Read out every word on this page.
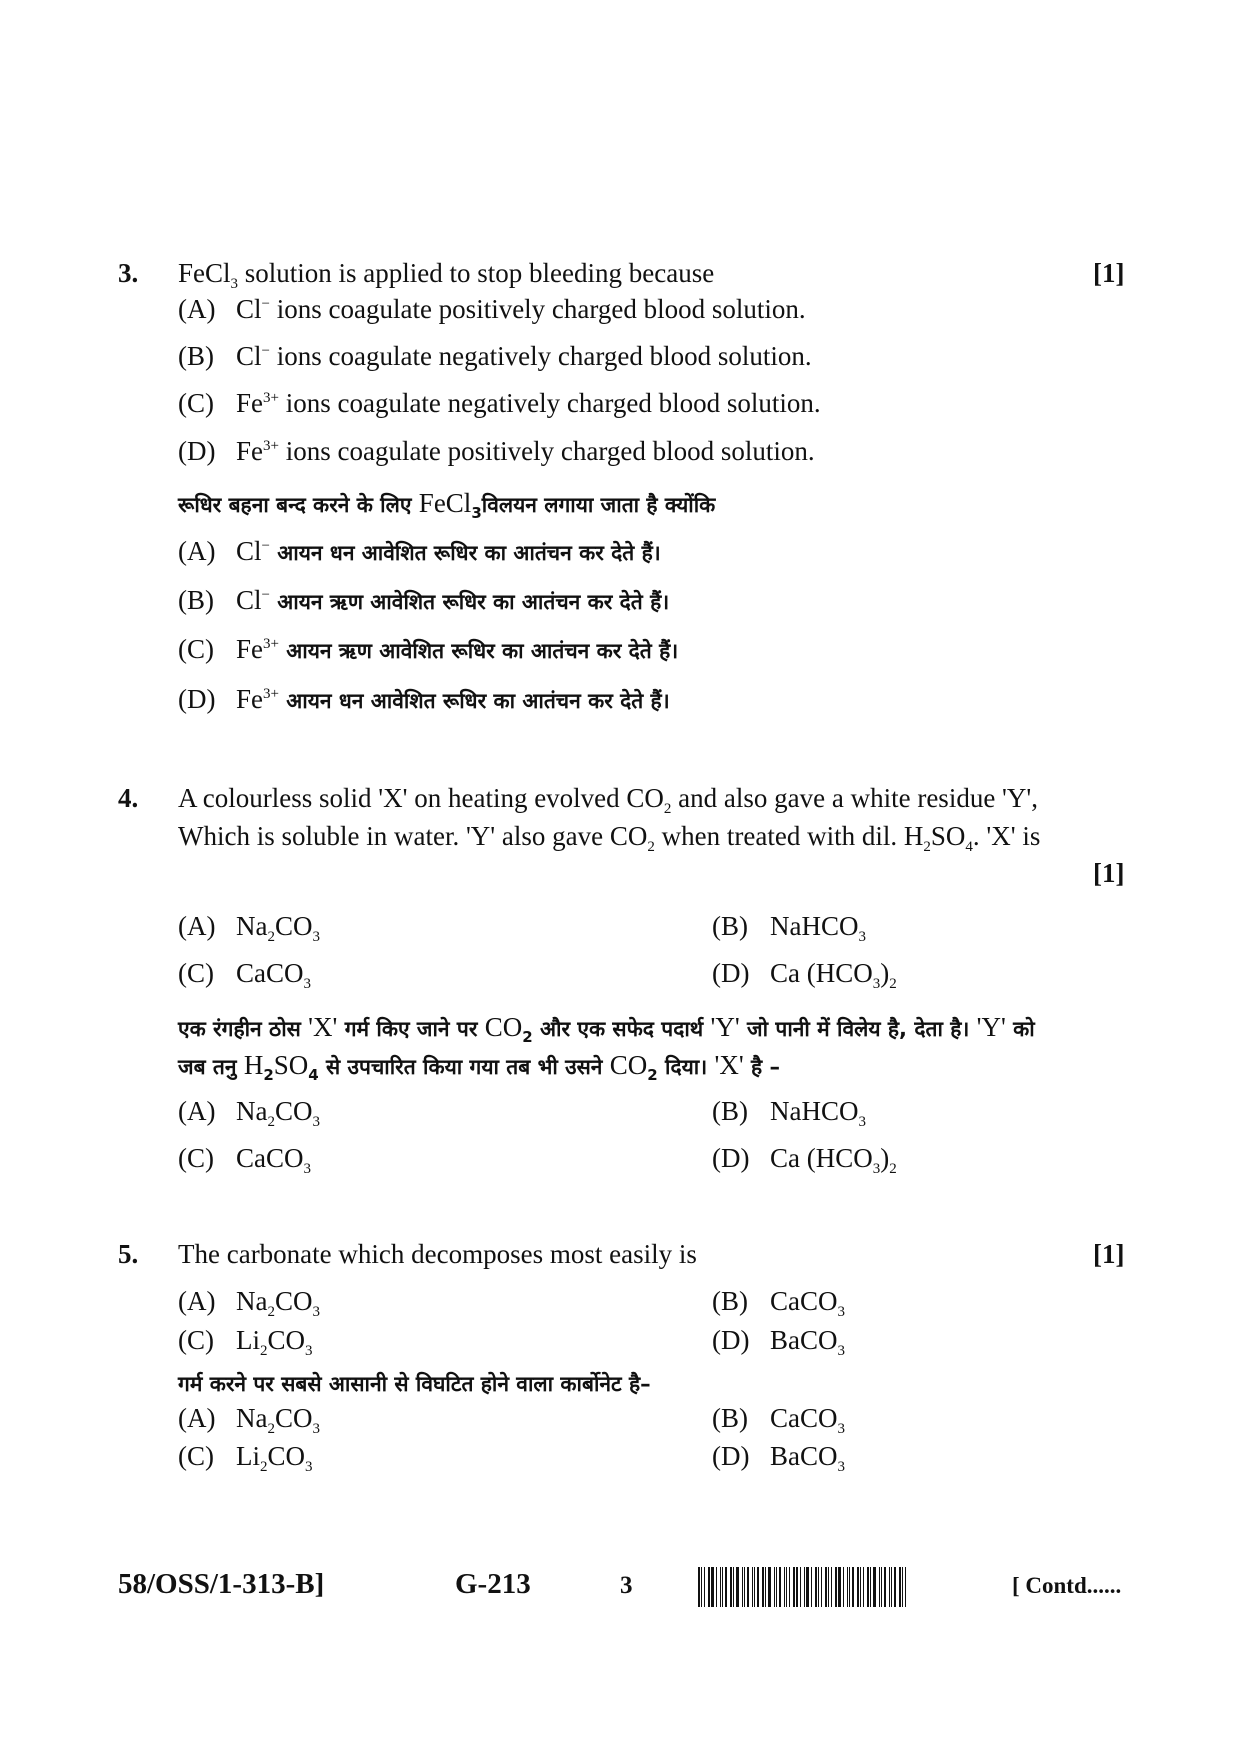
3.	[1]
FeCl$_3$ solution is applied to stop bleeding because
(A) Cl− ions coagulate positively charged blood solution.
(B) Cl− ions coagulate negatively charged blood solution.
(C) $Fe^{3+}$ ions coagulate negatively charged blood solution.
(D) $Fe^{3+}$ ions coagulate positively charged blood solution.
रूधिर बहना बन्द करने के लिए FeCl$_3$विलयन लगाया जाता है क्योंकि
(A) Cl− आयन धन आवेशित रूधिर का आतंचन कर देते हैं।
(B) Cl− आयन ऋण आवेशित रूधिर का आतंचन कर देते हैं।
(C) $Fe^{3+}$ आयन ऋण आवेशित रूधिर का आतंचन कर देते हैं।
(D) $Fe^{3+}$ आयन धन आवेशित रूधिर का आतंचन कर देते हैं।
4. A colourless solid 'X' on heating evolved $CO_2$ and also gave a white residue 'Y',
Which is soluble in water. 'Y' also gave $CO_2$ when treated with dil. $H_2SO_4$. 'X' is
[1]
(A) $Na_2CO_3$	(B) NaHCO$_3$
(C) CaCO$_3$	(D) Ca $(HCO_3)_2$
एक रंगहीन ठोस 'X' गर्म किए जाने पर $CO_2$ और एक सफेद पदार्थ 'Y' जो पानी में विलेय है, देता है। 'Y' को
जब तनु $H_2SO_4$ से उपचारित किया गया तब भी उसने $CO_2$ दिया। 'X' है –
(A) $Na_2CO_3$	(B) NaHCO$_3$
(C) CaCO$_3$	(D) Ca $(HCO_3)_2$
5. The carbonate which decomposes most easily is	[1]
(A) $Na_2CO_3$	(B) CaCO$_3$
(C) $Li_2CO_3$	(D) BaCO$_3$
गर्म करने पर सबसे आसानी से विघटित होने वाला कार्बोनेट है–
(A) $Na_2CO_3$	(B) CaCO$_3$
(C) $Li_2CO_3$	(D) BaCO$_3$
58/OSS/1-313-B]	G-213	3	[ Contd......
